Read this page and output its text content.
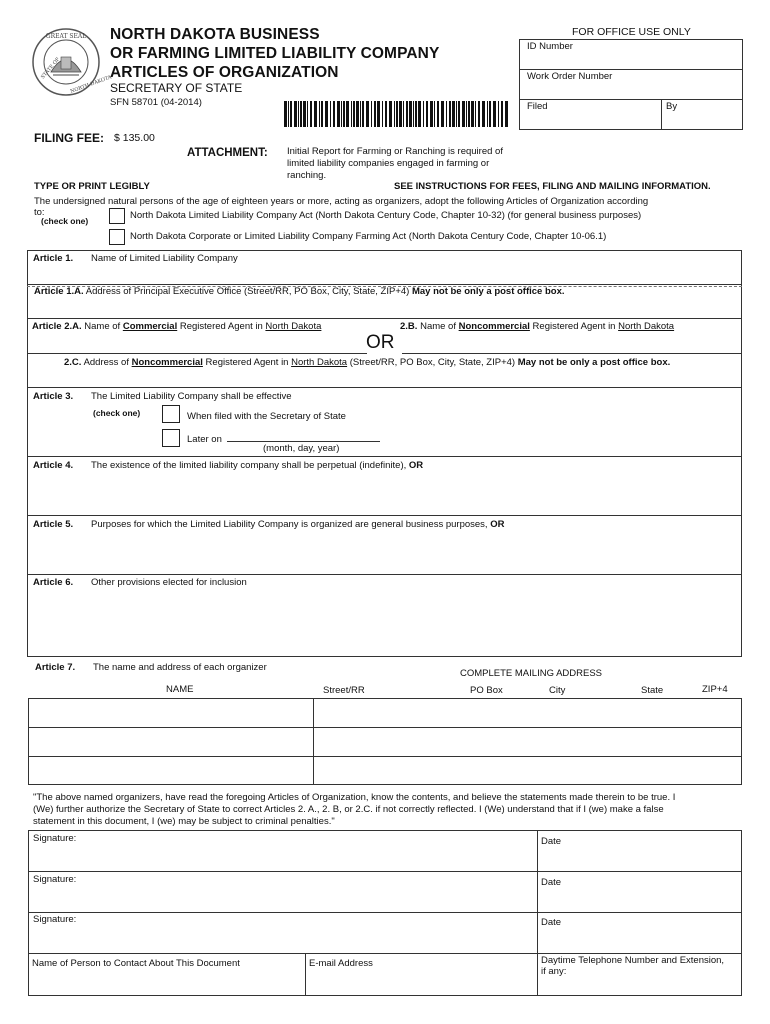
GREAT SEAL
STATE OF
NORTH DAKOTA
NORTH DAKOTA BUSINESS
OR FARMING LIMITED LIABILITY COMPANY
ARTICLES OF ORGANIZATION
SECRETARY OF STATE
SFN 58701 (04-2014)
FOR OFFICE USE ONLY
ID Number
Work Order Number
Filed	By
FILING FEE: $ 135.00
ATTACHMENT: Initial Report for Farming or Ranching is required of
limited liability companies engaged in farming or
ranching.
TYPE OR PRINT LEGIBLY	SEE INSTRUCTIONS FOR FEES, FILING AND MAILING INFORMATION.
The undersigned natural persons of the age of eighteen years or more, acting as organizers, adopt the following Articles of Organization according
to:
(check one)	North Dakota Limited Liability Company Act (North Dakota Century Code, Chapter 10-32) (for general business purposes)
North Dakota Corporate or Limited Liability Company Farming Act (North Dakota Century Code, Chapter 10-06.1)
Article 1. Name of Limited Liability Company
Article 1.A. Address of Principal Executive Office (Street/RR, PO Box, City, State, ZIP+4) May not be only a post office box.
Article 2.A. Name of Commercial Registered Agent in North Dakota	2.B. Name of Noncommercial Registered Agent in North Dakota
OR
2.C. Address of Noncommercial Registered Agent in North Dakota (Street/RR, PO Box, City, State, ZIP+4) May not be only a post office box.
Article 3. The Limited Liability Company shall be effective
(check one)	When filed with the Secretary of State
Later on
(month, day, year)
Article 4. The existence of the limited liability company shall be perpetual (indefinite), OR
Article 5. Purposes for which the Limited Liability Company is organized are general business purposes, OR
Article 6. Other provisions elected for inclusion
Article 7. The name and address of each organizer
COMPLETE MAILING ADDRESS
NAME	Street/RR	PO Box	City	State	ZIP+4
"The above named organizers, have read the foregoing Articles of Organization, know the contents, and believe the statements made therein to be true. I
(We) further authorize the Secretary of State to correct Articles 2. A., 2. B, or 2.C. if not correctly reflected. I (We) understand that if I (we) make a false
statement in this document, I (we) may be subject to criminal penalties."
Signature:	Date
Signature:	Date
Signature:	Date
Name of Person to Contact About This Document	E-mail Address	Daytime Telephone Number and Extension,
if any:
